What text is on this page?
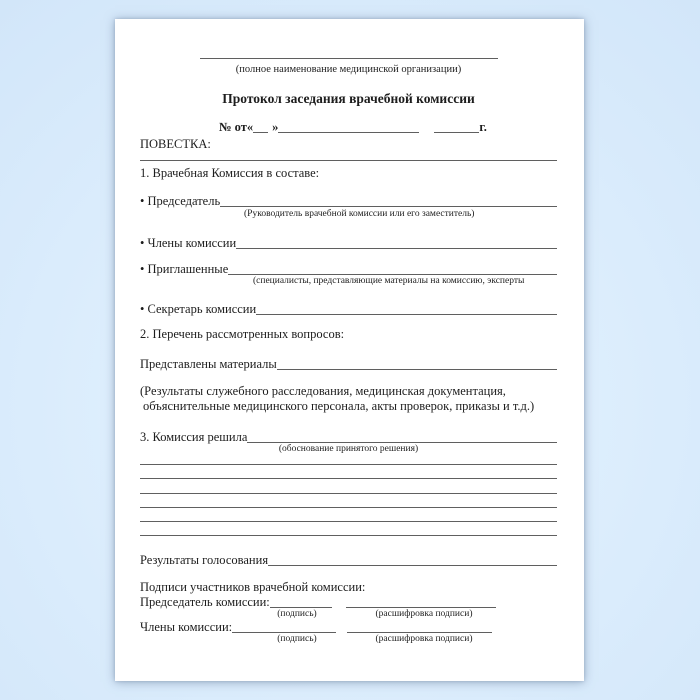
(полное наименование медицинской организации)
Протокол заседания врачебной комиссии
№ от« »	г.
ПОВЕСТКА:
1. Врачебная Комиссия в составе:
• Председатель
(Руководитель врачебной комиссии или его заместитель)
• Члены комиссии
• Приглашенные
(специалисты, представляющие материалы на комиссию, эксперты
• Секретарь комиссии
2. Перечень рассмотренных вопросов:
Представлены материалы
(Результаты служебного расследования, медицинская документация,
объяснительные медицинского персонала, акты проверок, приказы и т.д.)
3. Комиссия решила
(обоснование принятого решения)
Результаты голосования
Подписи участников врачебной комиссии:
Председатель комиссии:
(подпись)	(расшифровка подписи)
Члены комиссии:
(подпись)	(расшифровка подписи)
